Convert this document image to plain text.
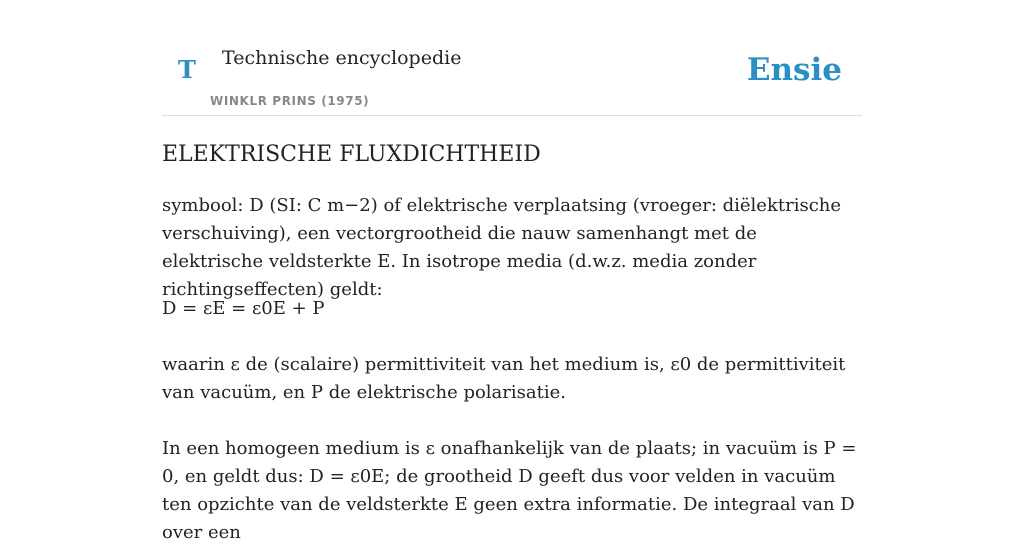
T Technische encyclopedie
WINKLR PRINS (1975)
Ensie
ELEKTRISCHE FLUXDICHTHEID

symbool: D (SI: C m−2) of elektrische verplaatsing (vroeger: diëlektrische verschuiving), een vectorgrootheid die nauw samenhangt met de elektrische veldsterkte E. In isotrope media (d.w.z. media zonder richtingseffecten) geldt:

D = εE = ε0E + P

waarin ε de (scalaire) permittiviteit van het medium is, ε0 de permittiviteit van vacuüm, en P de elektrische polarisatie.

In een homogeen medium is ε onafhankelijk van de plaats; in vacuüm is P = 0, en geldt dus: D = ε0E; de grootheid D geeft dus voor velden in vacuüm ten opzichte van de veldsterkte E geen extra informatie. De integraal van D over een
